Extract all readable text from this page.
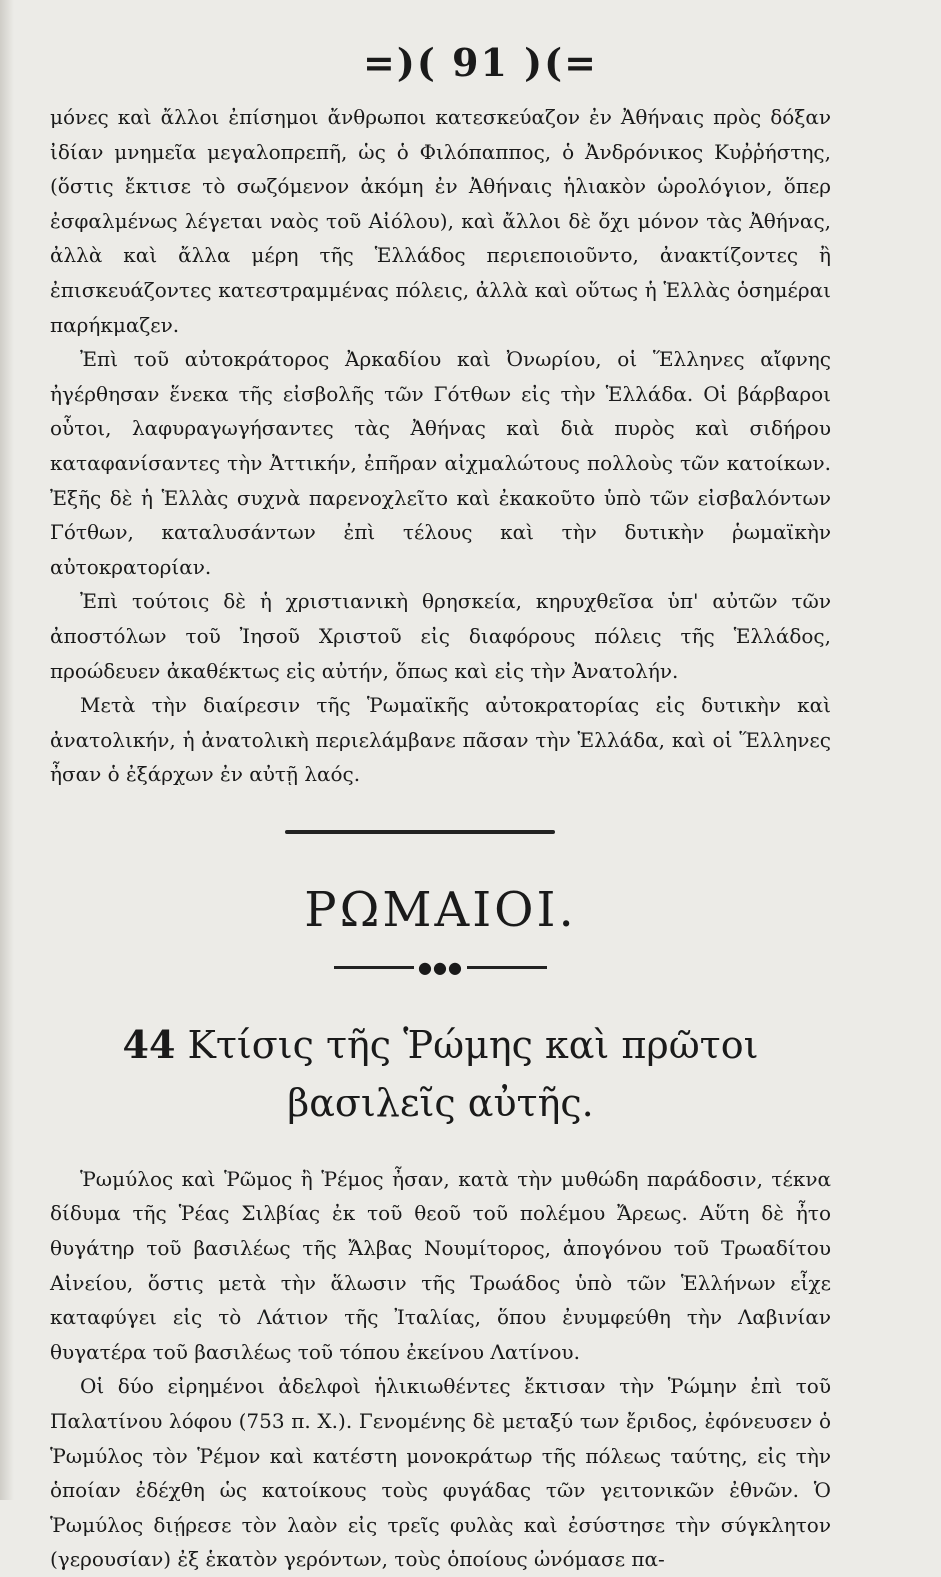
=)( 91 )(=

μόνες καὶ ἄλλοι ἐπίσημοι ἄνθρωποι κατεσκεύαζον ἐν Ἀθήναις πρὸς δόξαν ἰδίαν μνημεῖα μεγαλοπρεπῆ, ὡς ὁ Φιλόπαππος, ὁ Ἀνδρόνικος Κυῤῥήστης, (ὅστις ἔκτισε τὸ σωζόμενον ἀκόμη ἐν Ἀθήναις ἡλιακὸν ὡρολόγιον, ὅπερ ἐσφαλμένως λέγεται ναὸς τοῦ Αἰόλου), καὶ ἄλλοι δὲ ὄχι μόνον τὰς Ἀθήνας, ἀλλὰ καὶ ἄλλα μέρη τῆς Ἑλλάδος περιεποιοῦντο, ἀνακτίζοντες ἢ ἐπισκευάζοντες κατεστραμμένας πόλεις, ἀλλὰ καὶ οὕτως ἡ Ἑλλὰς ὁσημέραι παρήκμαζεν.

Ἐπὶ τοῦ αὐτοκράτορος Ἀρκαδίου καὶ Ὀνωρίου, οἱ Ἕλληνες αἴφνης ἠγέρθησαν ἕνεκα τῆς εἰσβολῆς τῶν Γότθων εἰς τὴν Ἑλλάδα. Οἱ βάρβαροι οὗτοι, λαφυραγωγήσαντες τὰς Ἀθήνας καὶ διὰ πυρὸς καὶ σιδήρου καταφανίσαντες τὴν Ἀττικήν, ἐπῆραν αἰχμαλώτους πολλοὺς τῶν κατοίκων. Ἐξῆς δὲ ἡ Ἑλλὰς συχνὰ παρενοχλεῖτο καὶ ἐκακοῦτο ὑπὸ τῶν εἰσβαλόντων Γότθων, καταλυσάντων ἐπὶ τέλους καὶ τὴν δυτικὴν ῥωμαϊκὴν αὐτοκρατορίαν.

Ἐπὶ τούτοις δὲ ἡ χριστιανικὴ θρησκεία, κηρυχθεῖσα ὑπ' αὐτῶν τῶν ἀποστόλων τοῦ Ἰησοῦ Χριστοῦ εἰς διαφόρους πόλεις τῆς Ἑλλάδος, προώδευεν ἀκαθέκτως εἰς αὐτήν, ὅπως καὶ εἰς τὴν Ἀνατολήν.

Μετὰ τὴν διαίρεσιν τῆς Ῥωμαϊκῆς αὐτοκρατορίας εἰς δυτικὴν καὶ ἀνατολικήν, ἡ ἀνατολικὴ περιελάμβανε πᾶσαν τὴν Ἑλλάδα, καὶ οἱ Ἕλληνες ἦσαν ὁ ἐξάρχων ἐν αὐτῇ λαός.

ΡΩΜΑΙΟΙ.
●●●
44 Κτίσις τῆς Ῥώμης καὶ πρῶτοι
βασιλεῖς αὐτῆς.

Ῥωμύλος καὶ Ῥῶμος ἢ Ῥέμος ἦσαν, κατὰ τὴν μυθώδη παράδοσιν, τέκνα δίδυμα τῆς Ῥέας Σιλβίας ἐκ τοῦ θεοῦ τοῦ πολέμου Ἄρεως. Αὕτη δὲ ἦτο θυγάτηρ τοῦ βασιλέως τῆς Ἄλβας Νουμίτορος, ἀπογόνου τοῦ Τρωαδίτου Αἰνείου, ὅστις μετὰ τὴν ἅλωσιν τῆς Τρωάδος ὑπὸ τῶν Ἑλλήνων εἶχε καταφύγει εἰς τὸ Λάτιον τῆς Ἰταλίας, ὅπου ἐνυμφεύθη τὴν Λαβινίαν θυγατέρα τοῦ βασιλέως τοῦ τόπου ἐκείνου Λατίνου.

Οἱ δύο εἰρημένοι ἀδελφοὶ ἡλικιωθέντες ἔκτισαν τὴν Ῥώμην ἐπὶ τοῦ Παλατίνου λόφου (753 π. Χ.). Γενομένης δὲ μεταξύ των ἔριδος, ἐφόνευσεν ὁ Ῥωμύλος τὸν Ῥέμον καὶ κατέστη μονοκράτωρ τῆς πόλεως ταύτης, εἰς τὴν ὁποίαν ἐδέχθη ὡς κατοίκους τοὺς φυγάδας τῶν γειτονικῶν ἐθνῶν. Ὁ Ῥωμύλος διῄρεσε τὸν λαὸν εἰς τρεῖς φυλὰς καὶ ἐσύστησε τὴν σύγκλητον (γερουσίαν) ἐξ ἑκατὸν γερόντων, τοὺς ὁποίους ὠνόμασε πα-
